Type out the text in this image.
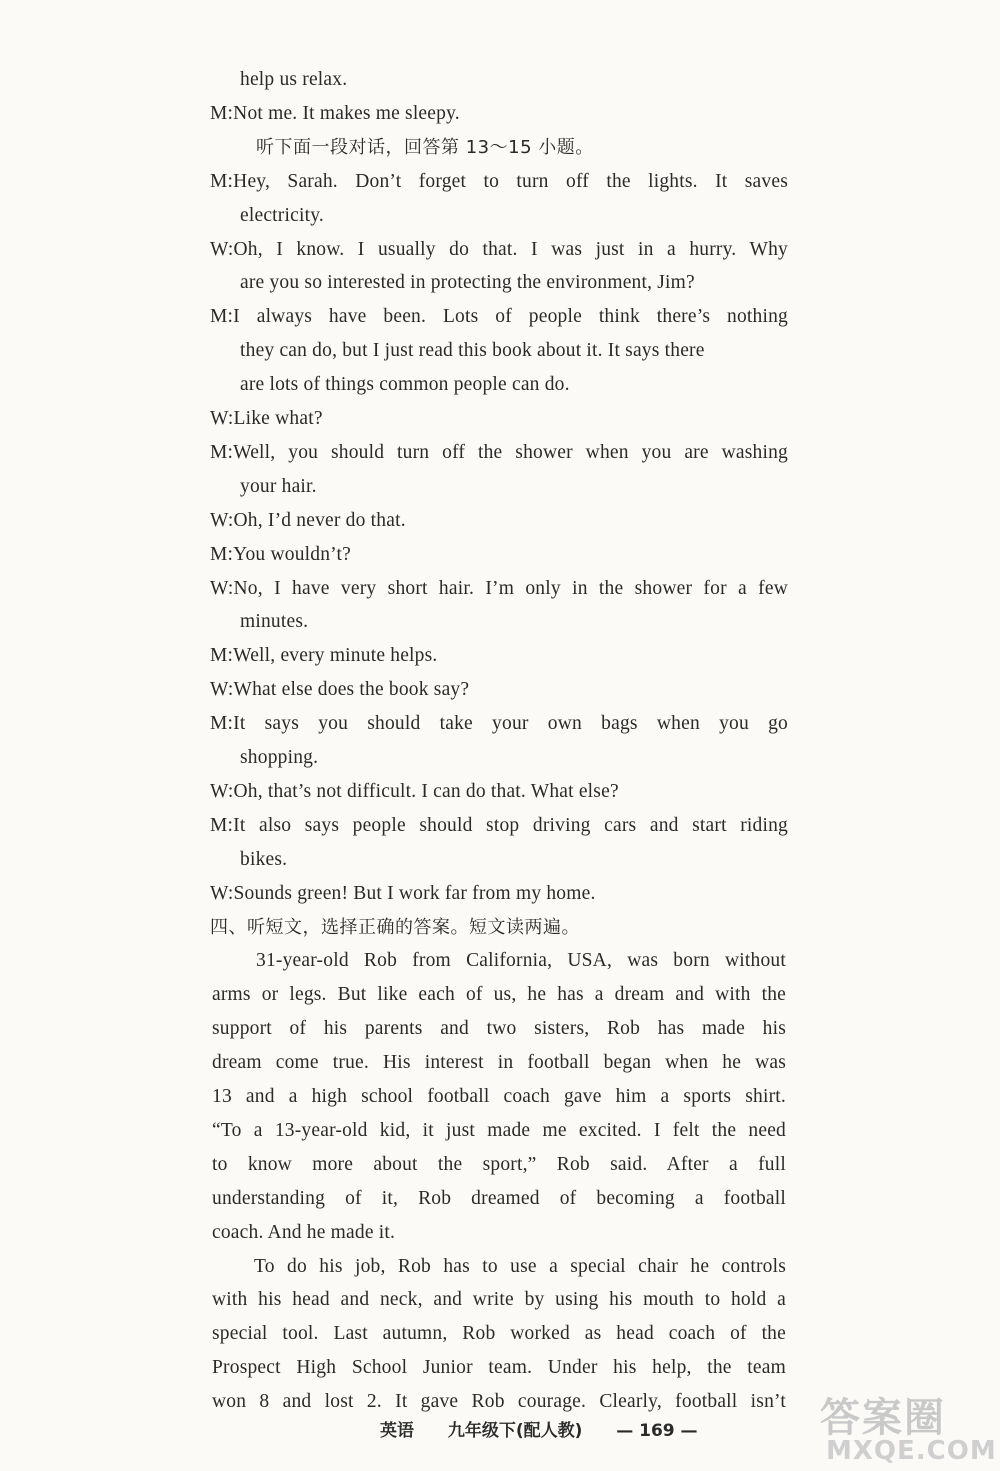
help us relax.
M:Not me. It makes me sleepy.
听下面一段对话，回答第 13～15 小题。
M:Hey, Sarah. Don’t forget to turn off the lights. It saves
electricity.
W:Oh, I know. I usually do that. I was just in a hurry. Why
are you so interested in protecting the environment, Jim?
M:I always have been. Lots of people think there’s nothing
they can do, but I just read this book about it. It says there
are lots of things common people can do.
W:Like what?
M:Well, you should turn off the shower when you are washing
your hair.
W:Oh, I’d never do that.
M:You wouldn’t?
W:No, I have very short hair. I’m only in the shower for a few
minutes.
M:Well, every minute helps.
W:What else does the book say?
M:It says you should take your own bags when you go
shopping.
W:Oh, that’s not difficult. I can do that. What else?
M:It also says people should stop driving cars and start riding
bikes.
W:Sounds green! But I work far from my home.
四、听短文，选择正确的答案。短文读两遍。
31-year-old Rob from California, USA, was born without
arms or legs. But like each of us, he has a dream and with the
support of his parents and two sisters, Rob has made his
dream come true. His interest in football began when he was
13 and a high school football coach gave him a sports shirt.
“To a 13-year-old kid, it just made me excited. I felt the need
to know more about the sport,” Rob said. After a full
understanding of it, Rob dreamed of becoming a football
coach. And he made it.
To do his job, Rob has to use a special chair he controls
with his head and neck, and write by using his mouth to hold a
special tool. Last autumn, Rob worked as head coach of the
Prospect High School Junior team. Under his help, the team
won 8 and lost 2. It gave Rob courage. Clearly, football isn’t
英语 九年级下(配人教) — 169 —	答案圈
MXQE.COM
